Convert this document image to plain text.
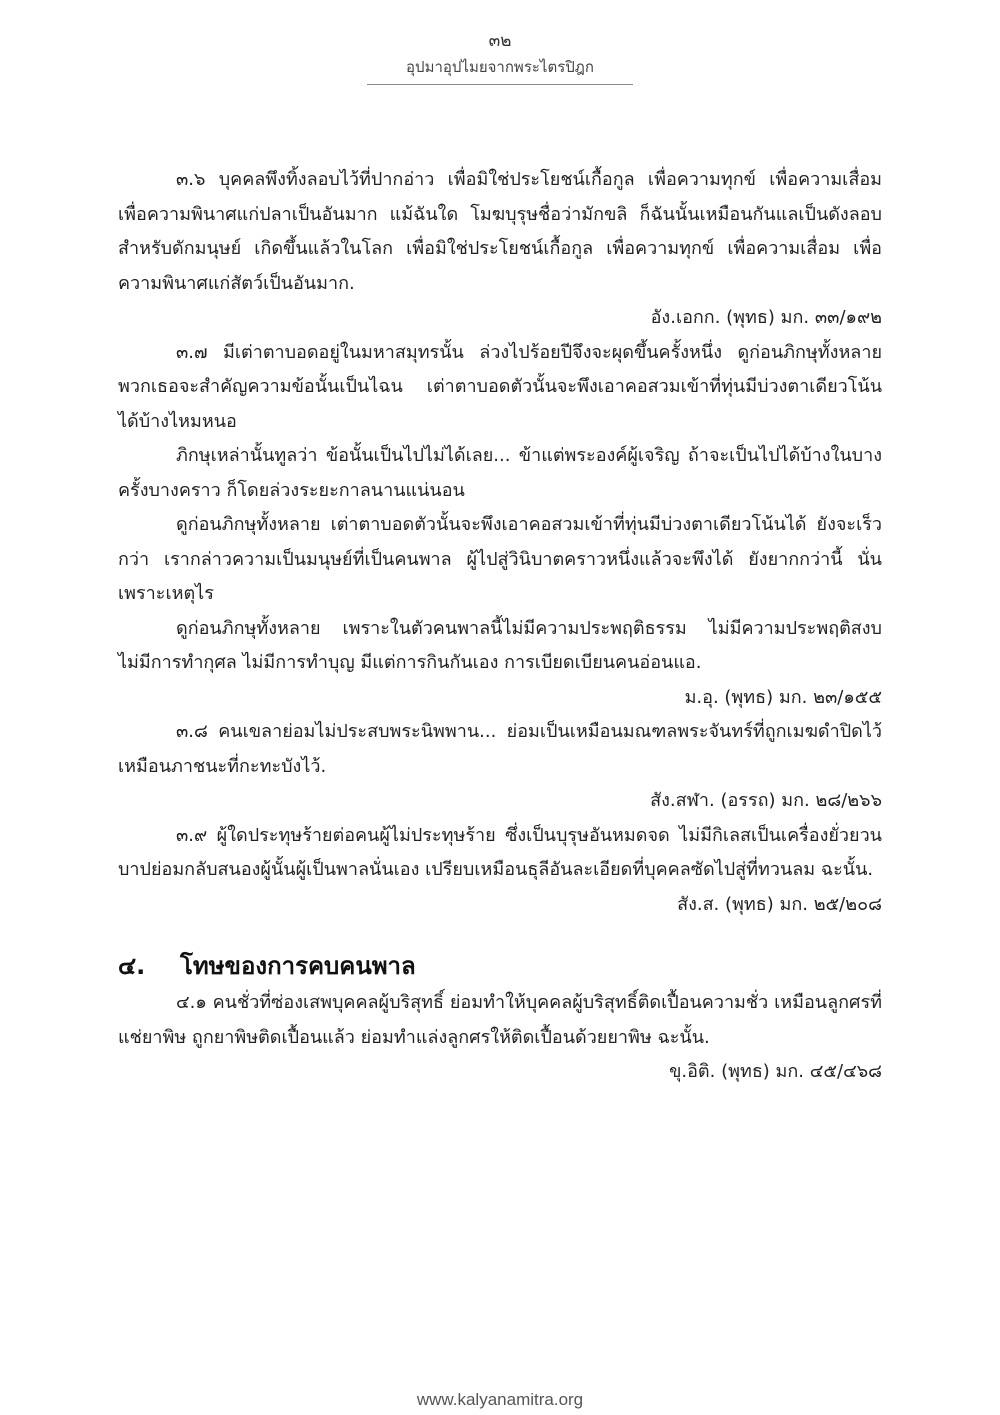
๓๒
อุปมาอุปไมยจากพระไตรปิฎก

๓.๖ บุคคลพึงทิ้งลอบไว้ที่ปากอ่าว เพื่อมิใช่ประโยชน์เกื้อกูล เพื่อความทุกข์ เพื่อความเสื่อม เพื่อความพินาศแก่ปลาเป็นอันมาก แม้ฉันใด โมฆบุรุษชื่อว่ามักขลิ ก็ฉันนั้นเหมือนกันแลเป็นดังลอบสำหรับดักมนุษย์ เกิดขึ้นแล้วในโลก เพื่อมิใช่ประโยชน์เกื้อกูล เพื่อความทุกข์ เพื่อความเสื่อม เพื่อความพินาศแก่สัตว์เป็นอันมาก.

อัง.เอกก. (พุทธ) มก. ๓๓/๑๙๒

๓.๗ มีเต่าตาบอดอยู่ในมหาสมุทรนั้น ล่วงไปร้อยปีจึงจะผุดขึ้นครั้งหนึ่ง ดูก่อนภิกษุทั้งหลาย พวกเธอจะสำคัญความข้อนั้นเป็นไฉน เต่าตาบอดตัวนั้นจะพึงเอาคอสวมเข้าที่ทุ่นมีบ่วงตาเดียวโน้นได้บ้างไหมหนอ

ภิกษุเหล่านั้นทูลว่า ข้อนั้นเป็นไปไม่ได้เลย... ข้าแต่พระองค์ผู้เจริญ ถ้าจะเป็นไปได้บ้างในบางครั้งบางคราว ก็โดยล่วงระยะกาลนานแน่นอน

ดูก่อนภิกษุทั้งหลาย เต่าตาบอดตัวนั้นจะพึงเอาคอสวมเข้าที่ทุ่นมีบ่วงตาเดียวโน้นได้ ยังจะเร็วกว่า เรากล่าวความเป็นมนุษย์ที่เป็นคนพาล ผู้ไปสู่วินิบาตคราวหนึ่งแล้วจะพึงได้ ยังยากกว่านี้ นั่นเพราะเหตุไร

ดูก่อนภิกษุทั้งหลาย เพราะในตัวคนพาลนี้ไม่มีความประพฤติธรรม ไม่มีความประพฤติสงบ ไม่มีการทำกุศล ไม่มีการทำบุญ มีแต่การกินกันเอง การเบียดเบียนคนอ่อนแอ.

ม.อุ. (พุทธ) มก. ๒๓/๑๕๕

๓.๘ คนเขลาย่อมไม่ประสบพระนิพพาน... ย่อมเป็นเหมือนมณฑลพระจันทร์ที่ถูกเมฆดำปิดไว้ เหมือนภาชนะที่กะทะบังไว้.

สัง.สฬา. (อรรถ) มก. ๒๘/๒๖๖

๓.๙ ผู้ใดประทุษร้ายต่อคนผู้ไม่ประทุษร้าย ซึ่งเป็นบุรุษอันหมดจด ไม่มีกิเลสเป็นเครื่องยั่วยวน บาปย่อมกลับสนองผู้นั้นผู้เป็นพาลนั่นเอง เปรียบเหมือนธุลีอันละเอียดที่บุคคลซัดไปสู่ที่ทวนลม ฉะนั้น.

สัง.ส. (พุทธ) มก. ๒๕/๒๐๘

๔.	โทษของการคบคนพาล

๔.๑ คนชั่วที่ซ่องเสพบุคคลผู้บริสุทธิ์ ย่อมทำให้บุคคลผู้บริสุทธิ์ติดเปื้อนความชั่ว เหมือนลูกศรที่แช่ยาพิษ ถูกยาพิษติดเปื้อนแล้ว ย่อมทำแล่งลูกศรให้ติดเปื้อนด้วยยาพิษ ฉะนั้น.

ขุ.อิติ. (พุทธ) มก. ๔๕/๔๖๘

www.kalyanamitra.org
